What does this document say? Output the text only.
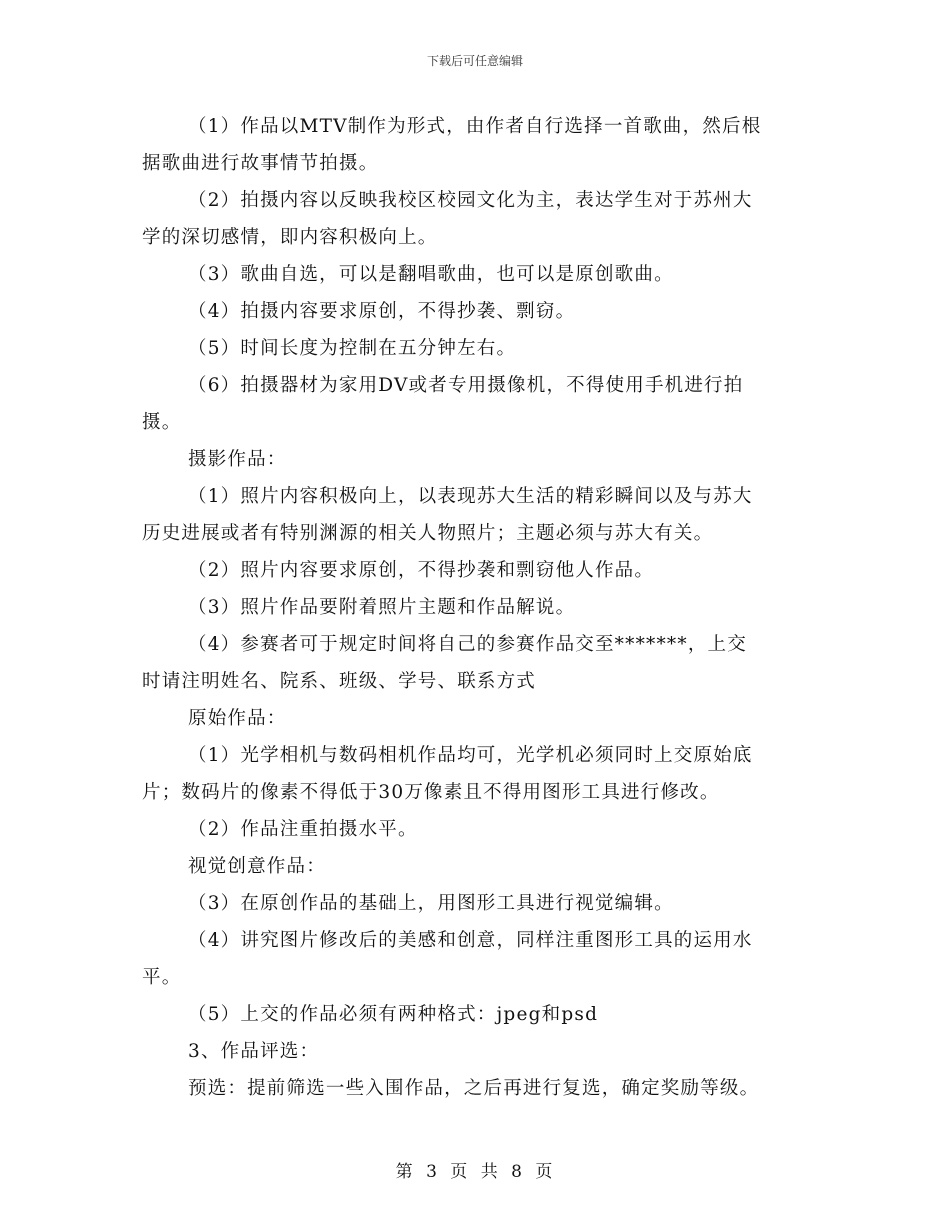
下载后可任意编辑

（1）作品以MTV制作为形式，由作者自行选择一首歌曲，然后根

据歌曲进行故事情节拍摄。

（2）拍摄内容以反映我校区校园文化为主，表达学生对于苏州大

学的深切感情，即内容积极向上。

（3）歌曲自选，可以是翻唱歌曲，也可以是原创歌曲。

（4）拍摄内容要求原创，不得抄袭、剽窃。

（5）时间长度为控制在五分钟左右。

（6）拍摄器材为家用DV或者专用摄像机，不得使用手机进行拍

摄。

摄影作品：

（1）照片内容积极向上，以表现苏大生活的精彩瞬间以及与苏大

历史进展或者有特别渊源的相关人物照片；主题必须与苏大有关。

（2）照片内容要求原创，不得抄袭和剽窃他人作品。

（3）照片作品要附着照片主题和作品解说。

（4）参赛者可于规定时间将自己的参赛作品交至*******，上交

时请注明姓名、院系、班级、学号、联系方式

原始作品：

（1）光学相机与数码相机作品均可，光学机必须同时上交原始底

片；数码片的像素不得低于30万像素且不得用图形工具进行修改。

（2）作品注重拍摄水平。

视觉创意作品：

（3）在原创作品的基础上，用图形工具进行视觉编辑。

（4）讲究图片修改后的美感和创意，同样注重图形工具的运用水

平。

（5）上交的作品必须有两种格式：jpeg和psd

3、作品评选：

预选：提前筛选一些入围作品，之后再进行复选，确定奖励等级。

第 3 页 共 8 页
